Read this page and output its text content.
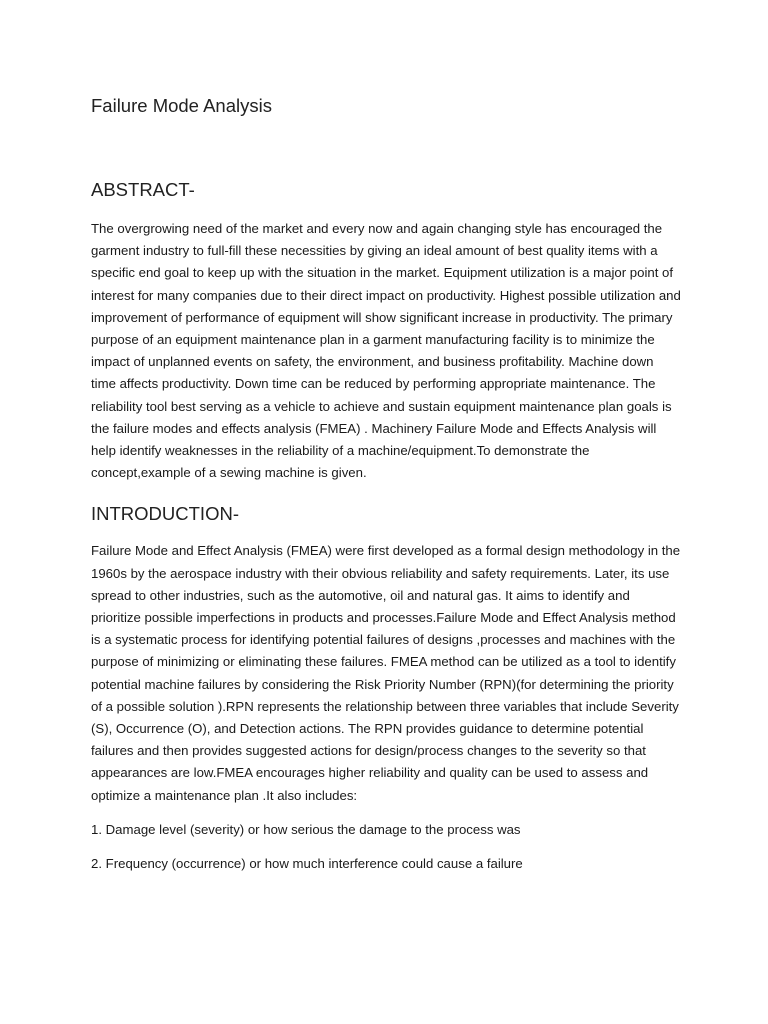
Failure Mode Analysis
ABSTRACT-

The overgrowing need of the market and every now and again changing style has encouraged the garment industry to full-fill these necessities by giving an ideal amount of best quality items with a specific end goal to keep up with the situation in the market. Equipment utilization is a major point of interest for many companies due to their direct impact on productivity. Highest possible utilization and improvement of performance of equipment will show significant increase in productivity. The primary purpose of an equipment maintenance plan in a garment manufacturing facility is to minimize the impact of unplanned events on safety, the environment, and business profitability. Machine down time affects productivity. Down time can be reduced by performing appropriate maintenance. The reliability tool best serving as a vehicle to achieve and sustain equipment maintenance plan goals is the failure modes and effects analysis (FMEA) . Machinery Failure Mode and Effects Analysis will help identify weaknesses in the reliability of a machine/equipment.To demonstrate the concept,example of a sewing machine is given.

INTRODUCTION-

Failure Mode and Effect Analysis (FMEA) were first developed as a formal design methodology in the 1960s by the aerospace industry with their obvious reliability and safety requirements. Later, its use spread to other industries, such as the automotive, oil and natural gas. It aims to identify and prioritize possible imperfections in products and processes.Failure Mode and Effect Analysis method is a systematic process for identifying potential failures of designs ,processes and machines with the purpose of minimizing or eliminating these failures. FMEA method can be utilized as a tool to identify potential machine failures by considering the Risk Priority Number (RPN)(for determining the priority of a possible solution ).RPN represents the relationship between three variables that include Severity (S), Occurrence (O), and Detection actions. The RPN provides guidance to determine potential failures and then provides suggested actions for design/process changes to the severity so that appearances are low.FMEA encourages higher reliability and quality can be used to assess and optimize a maintenance plan .It also includes:

1. Damage level (severity) or how serious the damage to the process was

2. Frequency (occurrence) or how much interference could cause a failure
